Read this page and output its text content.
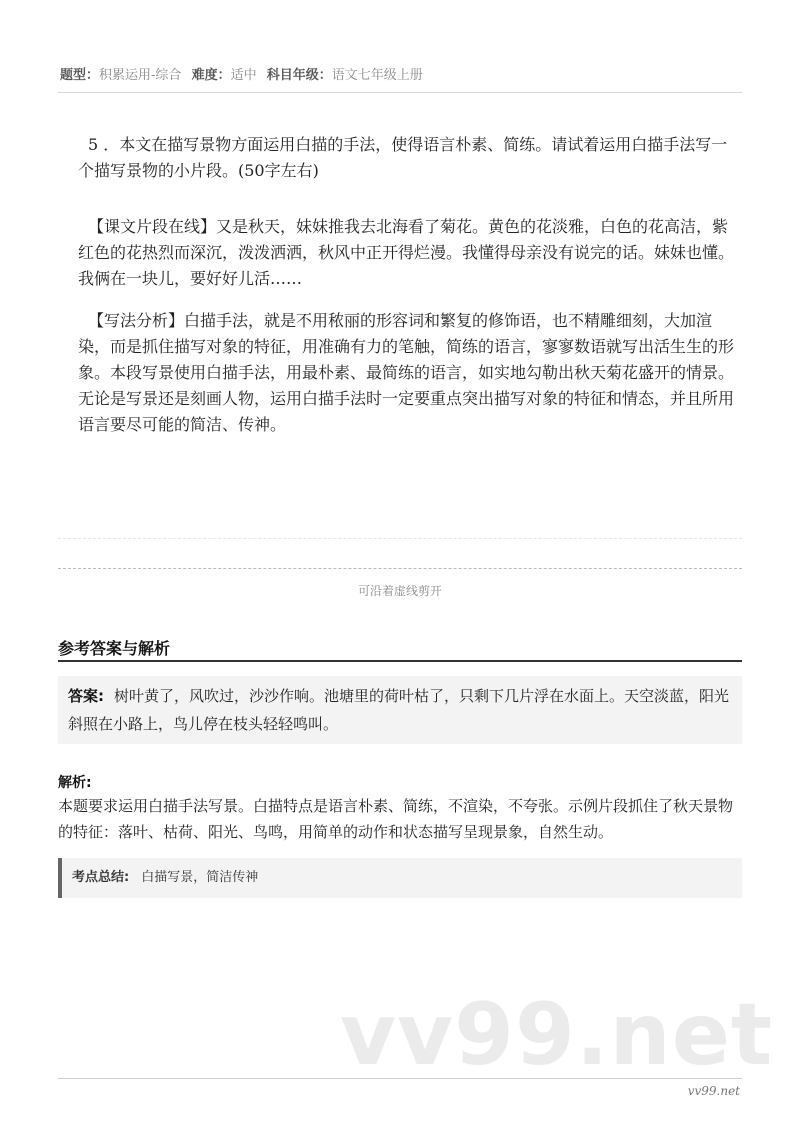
题型：积累运用-综合 难度：适中 科目年级：语文七年级上册
5 ．本文在描写景物方面运用白描的手法，使得语言朴素、简练。请试着运用白描手法写一个描写景物的小片段。(50字左右)
【课文片段在线】又是秋天，妹妹推我去北海看了菊花。黄色的花淡雅，白色的花高洁，紫红色的花热烈而深沉，泼泼洒洒，秋风中正开得烂漫。我懂得母亲没有说完的话。妹妹也懂。我俩在一块儿，要好好儿活……
【写法分析】白描手法，就是不用秾丽的形容词和繁复的修饰语，也不精雕细刻，大加渲染，而是抓住描写对象的特征，用准确有力的笔触，简练的语言，寥寥数语就写出活生生的形象。本段写景使用白描手法，用最朴素、最简练的语言，如实地勾勒出秋天菊花盛开的情景。无论是写景还是刻画人物，运用白描手法时一定要重点突出描写对象的特征和情态，并且所用语言要尽可能的简洁、传神。
可沿着虚线剪开
参考答案与解析
答案: 树叶黄了，风吹过，沙沙作响。池塘里的荷叶枯了，只剩下几片浮在水面上。天空淡蓝，阳光斜照在小路上，鸟儿停在枝头轻轻鸣叫。
解析:
本题要求运用白描手法写景。白描特点是语言朴素、简练，不渲染，不夸张。示例片段抓住了秋天景物的特征：落叶、枯荷、阳光、鸟鸣，用简单的动作和状态描写呈现景象，自然生动。
考点总结: 白描写景，简洁传神
vv99.net
vv99.net
